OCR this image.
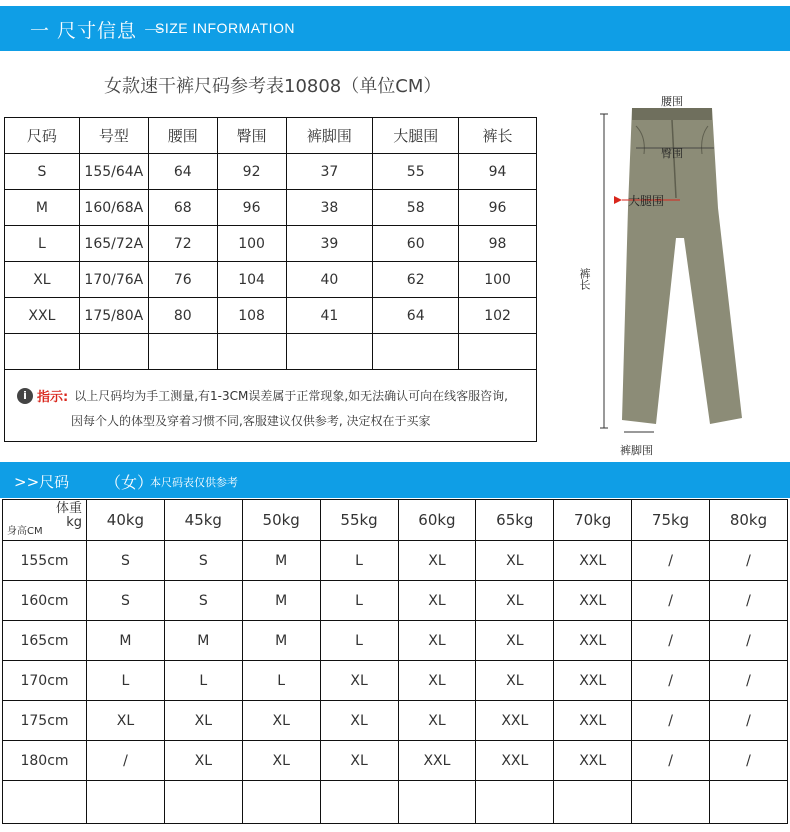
一 尺寸信息 一
SIZE INFORMATION
女款速干裤尺码参考表10808（单位CM）
尺码	号型	腰围	臀围	裤脚围	大腿围	裤长
S	155/64A	64	92	37	55	94
M	160/68A	68	96	38	58	96
L	165/72A	72	100	39	60	98
XL	170/76A	76	104	40	62	100
XXL	175/80A	80	108	41	64	102

i 指示: 以上尺码均为手工测量,有1-3CM误差属于正常现象,如无法确认可向在线客服咨询,
因每个人的体型及穿着习惯不同,客服建议仅供参考, 决定权在于买家
腰围
臀围
大腿围
裤长
裤脚围
>>尺码 （女）
本尺码表仅供参考
体重
kg
身高CM	40kg	45kg	50kg	55kg	60kg	65kg	70kg	75kg	80kg
155cm	S	S	M	L	XL	XL	XXL	/	/
160cm	S	S	M	L	XL	XL	XXL	/	/
165cm	M	M	M	L	XL	XL	XXL	/	/
170cm	L	L	L	XL	XL	XL	XXL	/	/
175cm	XL	XL	XL	XL	XL	XXL	XXL	/	/
180cm	/	XL	XL	XL	XXL	XXL	XXL	/	/
